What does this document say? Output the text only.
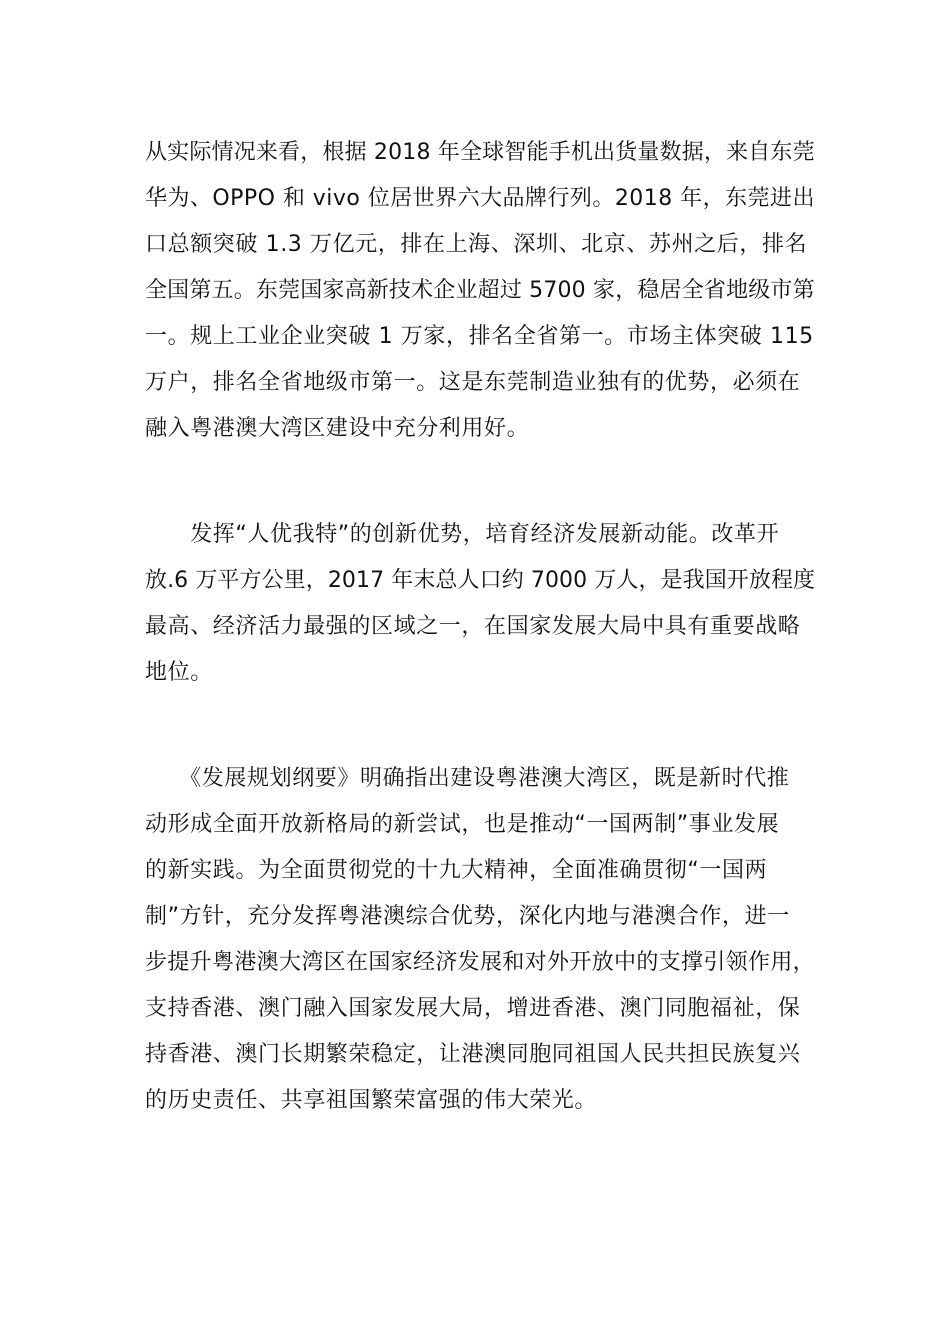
从实际情况来看，根据 2018 年全球智能手机出货量数据，来自东莞
华为、OPPO 和 vivo 位居世界六大品牌行列。2018 年，东莞进出
口总额突破 1.3 万亿元，排在上海、深圳、北京、苏州之后，排名
全国第五。东莞国家高新技术企业超过 5700 家，稳居全省地级市第
一。规上工业企业突破 1 万家，排名全省第一。市场主体突破 115
万户，排名全省地级市第一。这是东莞制造业独有的优势，必须在
融入粤港澳大湾区建设中充分利用好。
　　发挥“人优我特”的创新优势，培育经济发展新动能。改革开
放.6 万平方公里，2017 年末总人口约 7000 万人，是我国开放程度
最高、经济活力最强的区域之一，在国家发展大局中具有重要战略
地位。
　　《发展规划纲要》明确指出建设粤港澳大湾区，既是新时代推
动形成全面开放新格局的新尝试，也是推动“一国两制”事业发展
的新实践。为全面贯彻党的十九大精神，全面准确贯彻“一国两
制”方针，充分发挥粤港澳综合优势，深化内地与港澳合作，进一
步提升粤港澳大湾区在国家经济发展和对外开放中的支撑引领作用，
支持香港、澳门融入国家发展大局，增进香港、澳门同胞福祉，保
持香港、澳门长期繁荣稳定，让港澳同胞同祖国人民共担民族复兴
的历史责任、共享祖国繁荣富强的伟大荣光。
